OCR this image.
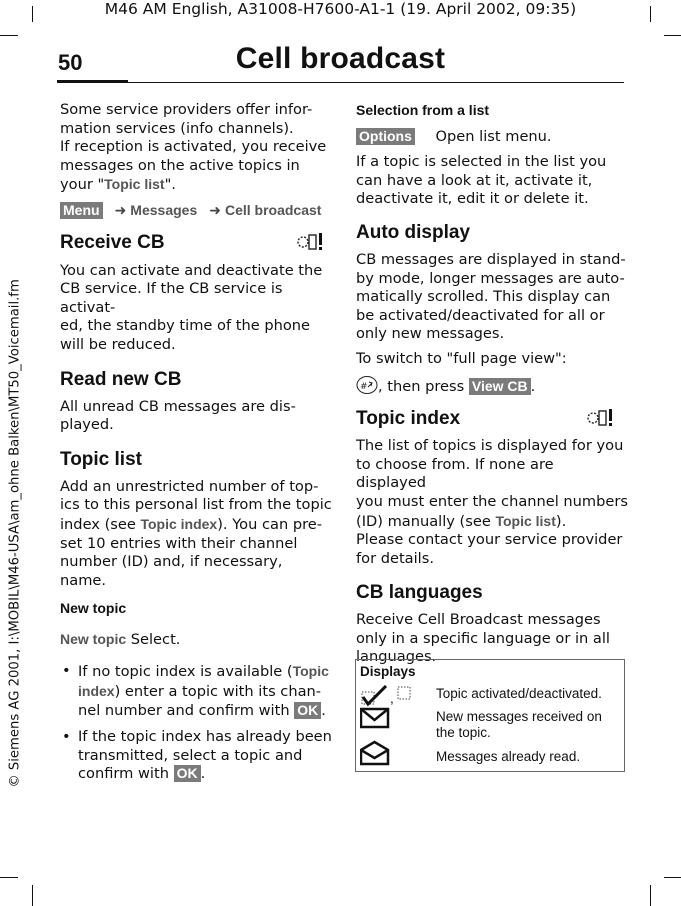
M46 AM English, A31008-H7600-A1-1 (19. April 2002, 09:35)
50	Cell broadcast
© Siemens AG 2001, I:\MOBIL\M46-USA\am_ohne Balken\MT50_Voicemail.fm

Some service providers offer infor-

mation services (info channels).

If reception is activated, you receive

messages on the active topics in

your "Topic list".

Menu ➜ Messages ➜ Cell broadcast

Receive CB

You can activate and deactivate the

CB service. If the CB service is activat-

ed, the standby time of the phone

will be reduced.

Read new CB

All unread CB messages are dis-

played.

Topic list

Add an unrestricted number of top-

ics to this personal list from the topic

index (see Topic index). You can pre-

set 10 entries with their channel

number (ID) and, if necessary, name.

New topic

New topic Select.

• If no topic index is available (Topic

index) enter a topic with its chan-

nel number and confirm with OK .

• If the topic index has already been

transmitted, select a topic and

confirm with OK .

Selection from a list

Options Open list menu.

If a topic is selected in the list you

can have a look at it, activate it,

deactivate it, edit it or delete it.

Auto display

CB messages are displayed in stand-

by mode, longer messages are auto-

matically scrolled. This display can

be activated/deactivated for all or

only new messages.

To switch to "full page view":

# , then press View CB .

Topic index

The list of topics is displayed for you

to choose from. If none are displayed

you must enter the channel numbers

(ID) manually (see Topic list).

Please contact your service provider

for details.

CB languages

Receive Cell Broadcast messages

only in a specific language or in all

languages.

Displays
,	Topic activated/deactivated.
New messages received on
the topic.
Messages already read.
